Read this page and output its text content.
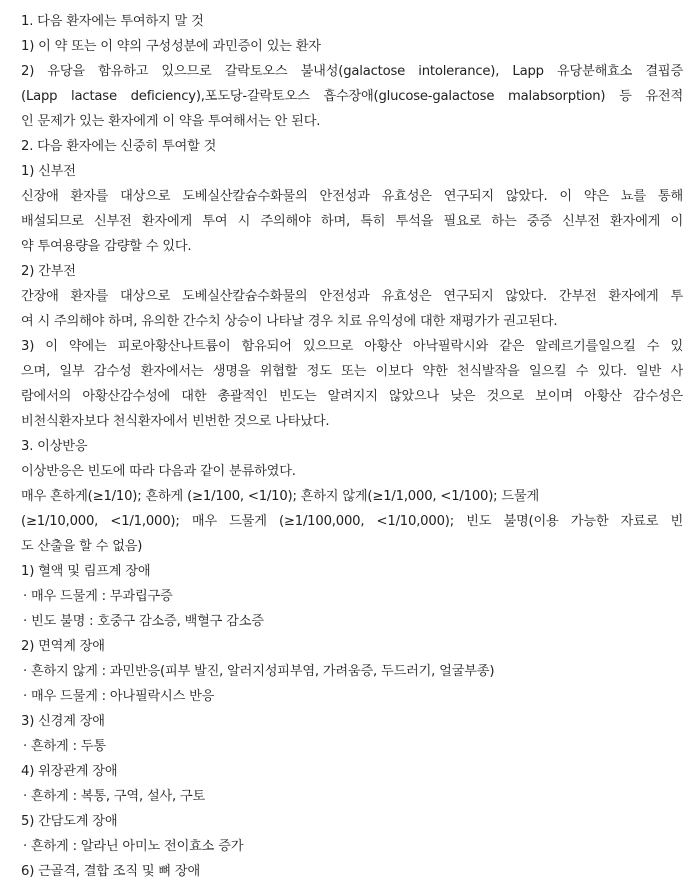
1. 다음 환자에는 투여하지 말 것
1) 이 약 또는 이 약의 구성성분에 과민증이 있는 환자
2) 유당을 함유하고 있으므로 갈락토오스 불내성(galactose intolerance), Lapp 유당분해효소 결핍증
(Lapp lactase deficiency),포도당-갈락토오스 흡수장애(glucose-galactose malabsorption) 등 유전적
인 문제가 있는 환자에게 이 약을 투여해서는 안 된다.
2. 다음 환자에는 신중히 투여할 것
1) 신부전
신장애 환자를 대상으로 도베실산칼슘수화물의 안전성과 유효성은 연구되지 않았다. 이 약은 뇨를 통해
배설되므로 신부전 환자에게 투여 시 주의해야 하며, 특히 투석을 필요로 하는 중증 신부전 환자에게 이
약 투여용량을 감량할 수 있다.
2) 간부전
간장애 환자를 대상으로 도베실산칼슘수화물의 안전성과 유효성은 연구되지 않았다. 간부전 환자에게 투
여 시 주의해야 하며, 유의한 간수치 상승이 나타날 경우 치료 유익성에 대한 재평가가 권고된다.
3) 이 약에는 피로아황산나트륨이 함유되어 있으므로 아황산 아낙필락시와 같은 알레르기를일으킬 수 있
으며, 일부 감수성 환자에서는 생명을 위협할 정도 또는 이보다 약한 천식발작을 일으킬 수 있다. 일반 사
람에서의 아황산감수성에 대한 총괄적인 빈도는 알려지지 않았으나 낮은 것으로 보이며 아황산 감수성은
비천식환자보다 천식환자에서 빈번한 것으로 나타났다.
3. 이상반응
이상반응은 빈도에 따라 다음과 같이 분류하였다.
매우 흔하게(≥1/10); 흔하게 (≥1/100, <1/10); 흔하지 않게(≥1/1,000, <1/100); 드물게
(≥1/10,000, <1/1,000); 매우 드물게 (≥1/100,000, <1/10,000); 빈도 불명(이용 가능한 자료로 빈
도 산출을 할 수 없음)
1) 혈액 및 림프계 장애
· 매우 드물게 : 무과립구증
· 빈도 불명 : 호중구 감소증, 백혈구 감소증
2) 면역계 장애
· 흔하지 않게 : 과민반응(피부 발진, 알러지성피부염, 가려움증, 두드러기, 얼굴부종)
· 매우 드물게 : 아나필락시스 반응
3) 신경계 장애
· 흔하게 : 두통
4) 위장관계 장애
· 흔하게 : 복통, 구역, 설사, 구토
5) 간담도계 장애
· 흔하게 : 알라닌 아미노 전이효소 증가
6) 근골격, 결합 조직 및 뼈 장애
